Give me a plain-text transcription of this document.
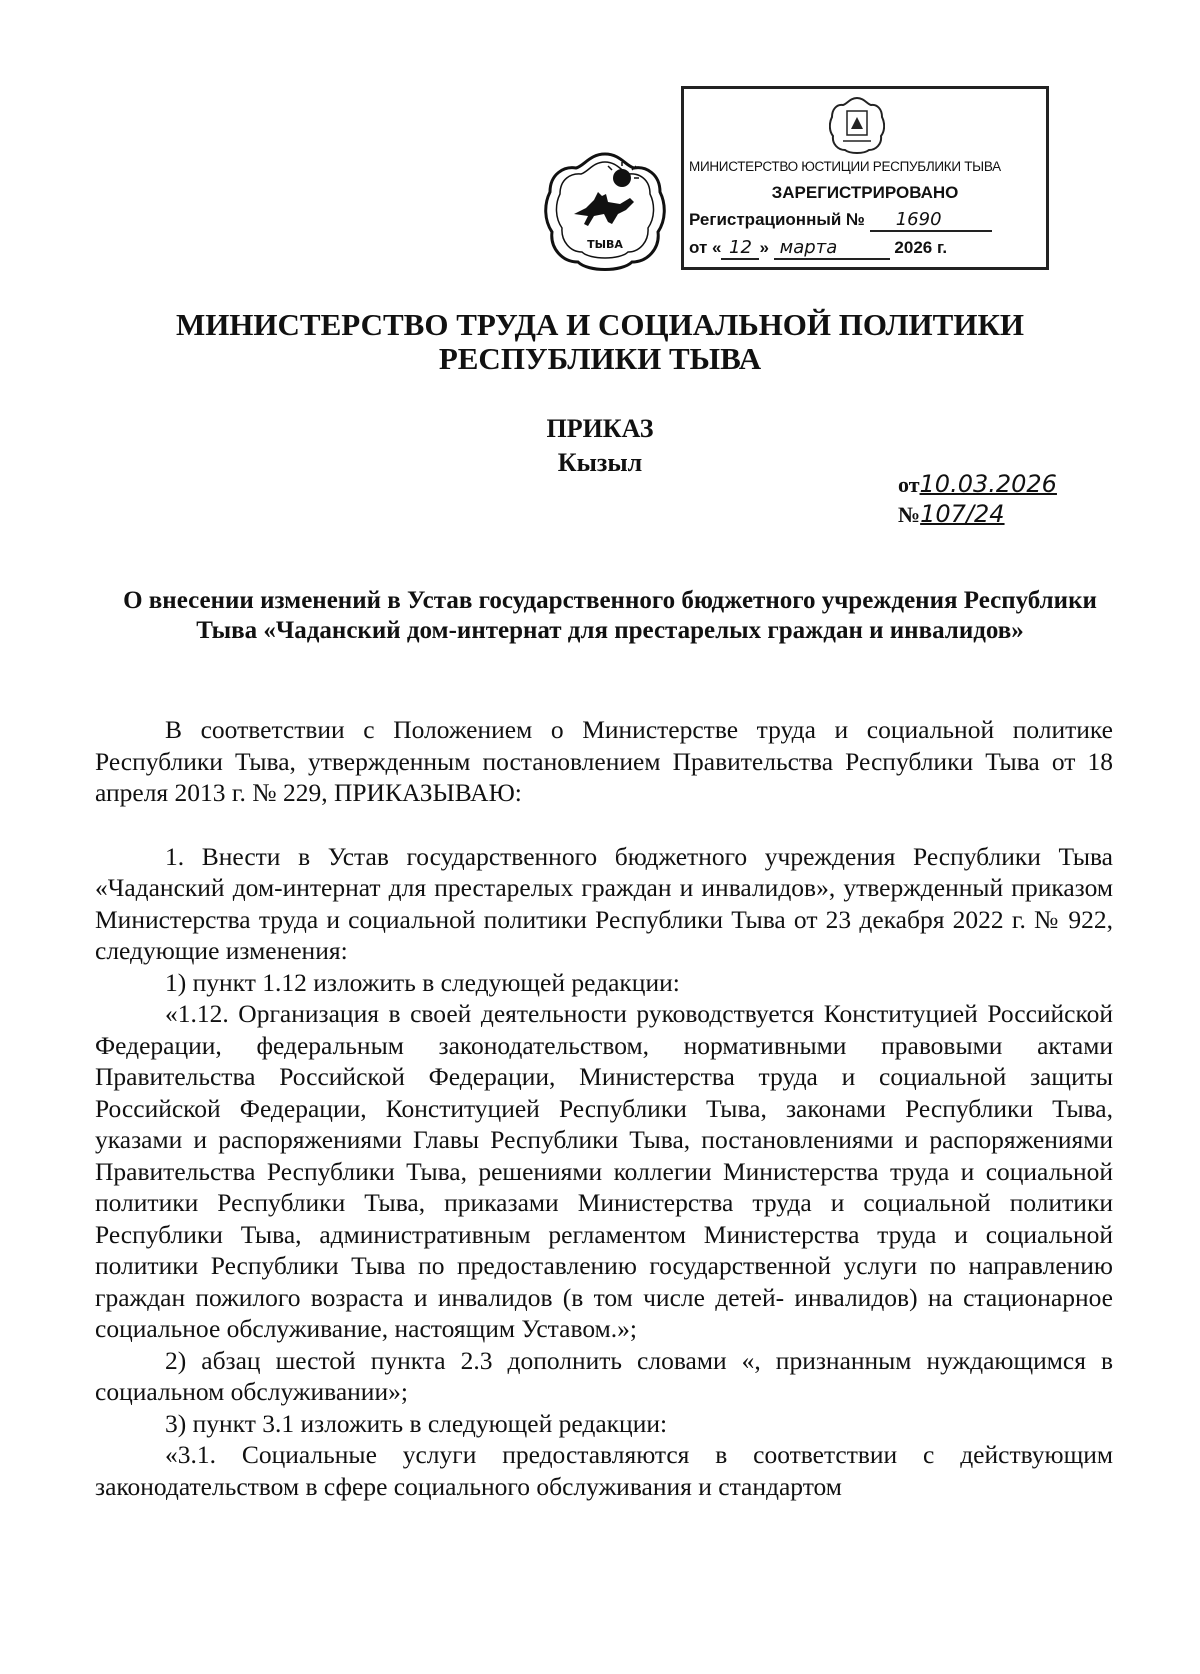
ТЫВА
МИНИСТЕРСТВО ЮСТИЦИИ РЕСПУБЛИКИ ТЫВА
ЗАРЕГИСТРИРОВАНО
Регистрационный № 1690
от « 12 » марта	2026 г.
МИНИСТЕРСТВО ТРУДА И СОЦИАЛЬНОЙ ПОЛИТИКИ
РЕСПУБЛИКИ ТЫВА
ПРИКАЗ
Кызыл
от10.03.2026
№107/24
О внесении изменений в Устав государственного бюджетного учреждения Республики Тыва «Чаданский дом-интернат для престарелых граждан и инвалидов»

В соответствии с Положением о Министерстве труда и социальной политике Республики Тыва, утвержденным постановлением Правительства Республики Тыва от 18 апреля 2013 г. № 229, ПРИКАЗЫВАЮ:

1. Внести в Устав государственного бюджетного учреждения Республики Тыва «Чаданский дом-интернат для престарелых граждан и инвалидов», утвержденный приказом Министерства труда и социальной политики Республики Тыва от 23 декабря 2022 г. № 922, следующие изменения:

1) пункт 1.12 изложить в следующей редакции:

«1.12. Организация в своей деятельности руководствуется Конституцией Российской Федерации, федеральным законодательством, нормативными правовыми актами Правительства Российской Федерации, Министерства труда и социальной защиты Российской Федерации, Конституцией Республики Тыва, законами Республики Тыва, указами и распоряжениями Главы Республики Тыва, постановлениями и распоряжениями Правительства Республики Тыва, решениями коллегии Министерства труда и социальной политики Республики Тыва, приказами Министерства труда и социальной политики Республики Тыва, административным регламентом Министерства труда и социальной политики Республики Тыва по предоставлению государственной услуги по направлению граждан пожилого возраста и инвалидов (в том числе детей- инвалидов) на стационарное социальное обслуживание, настоящим Уставом.»;

2) абзац шестой пункта 2.3 дополнить словами «, признанным нуждающимся в социальном обслуживании»;

3) пункт 3.1 изложить в следующей редакции:

«3.1. Социальные услуги предоставляются в соответствии с действующим законодательством в сфере социального обслуживания и стандартом
